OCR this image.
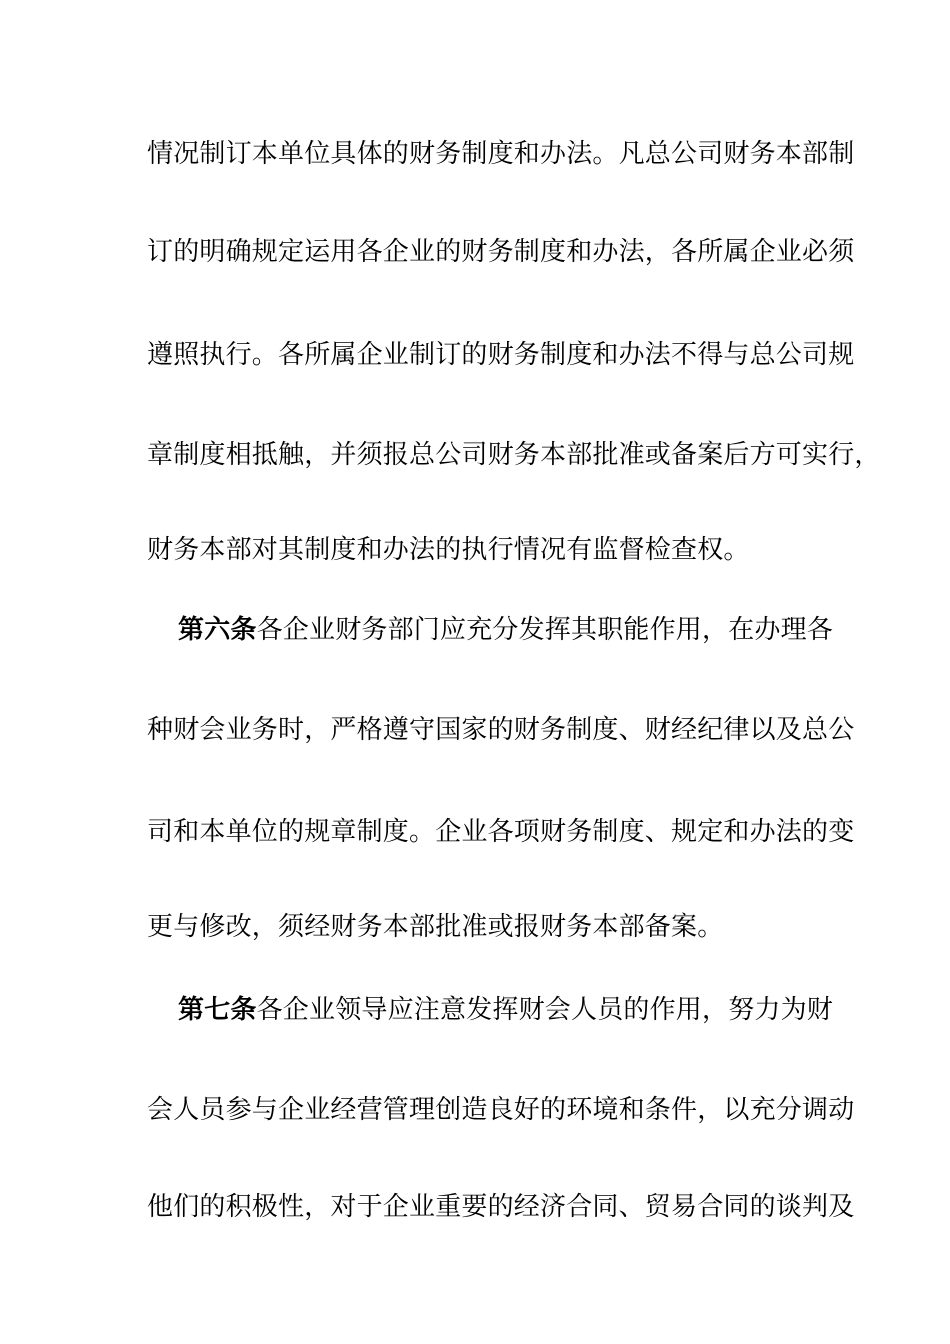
情况制订本单位具体的财务制度和办法。凡总公司财务本部制
订的明确规定运用各企业的财务制度和办法，各所属企业必须
遵照执行。各所属企业制订的财务制度和办法不得与总公司规
章制度相抵触，并须报总公司财务本部批准或备案后方可实行，
财务本部对其制度和办法的执行情况有监督检查权。
第六条各企业财务部门应充分发挥其职能作用，在办理各
种财会业务时，严格遵守国家的财务制度、财经纪律以及总公
司和本单位的规章制度。企业各项财务制度、规定和办法的变
更与修改，须经财务本部批准或报财务本部备案。
第七条各企业领导应注意发挥财会人员的作用，努力为财
会人员参与企业经营管理创造良好的环境和条件，以充分调动
他们的积极性，对于企业重要的经济合同、贸易合同的谈判及
